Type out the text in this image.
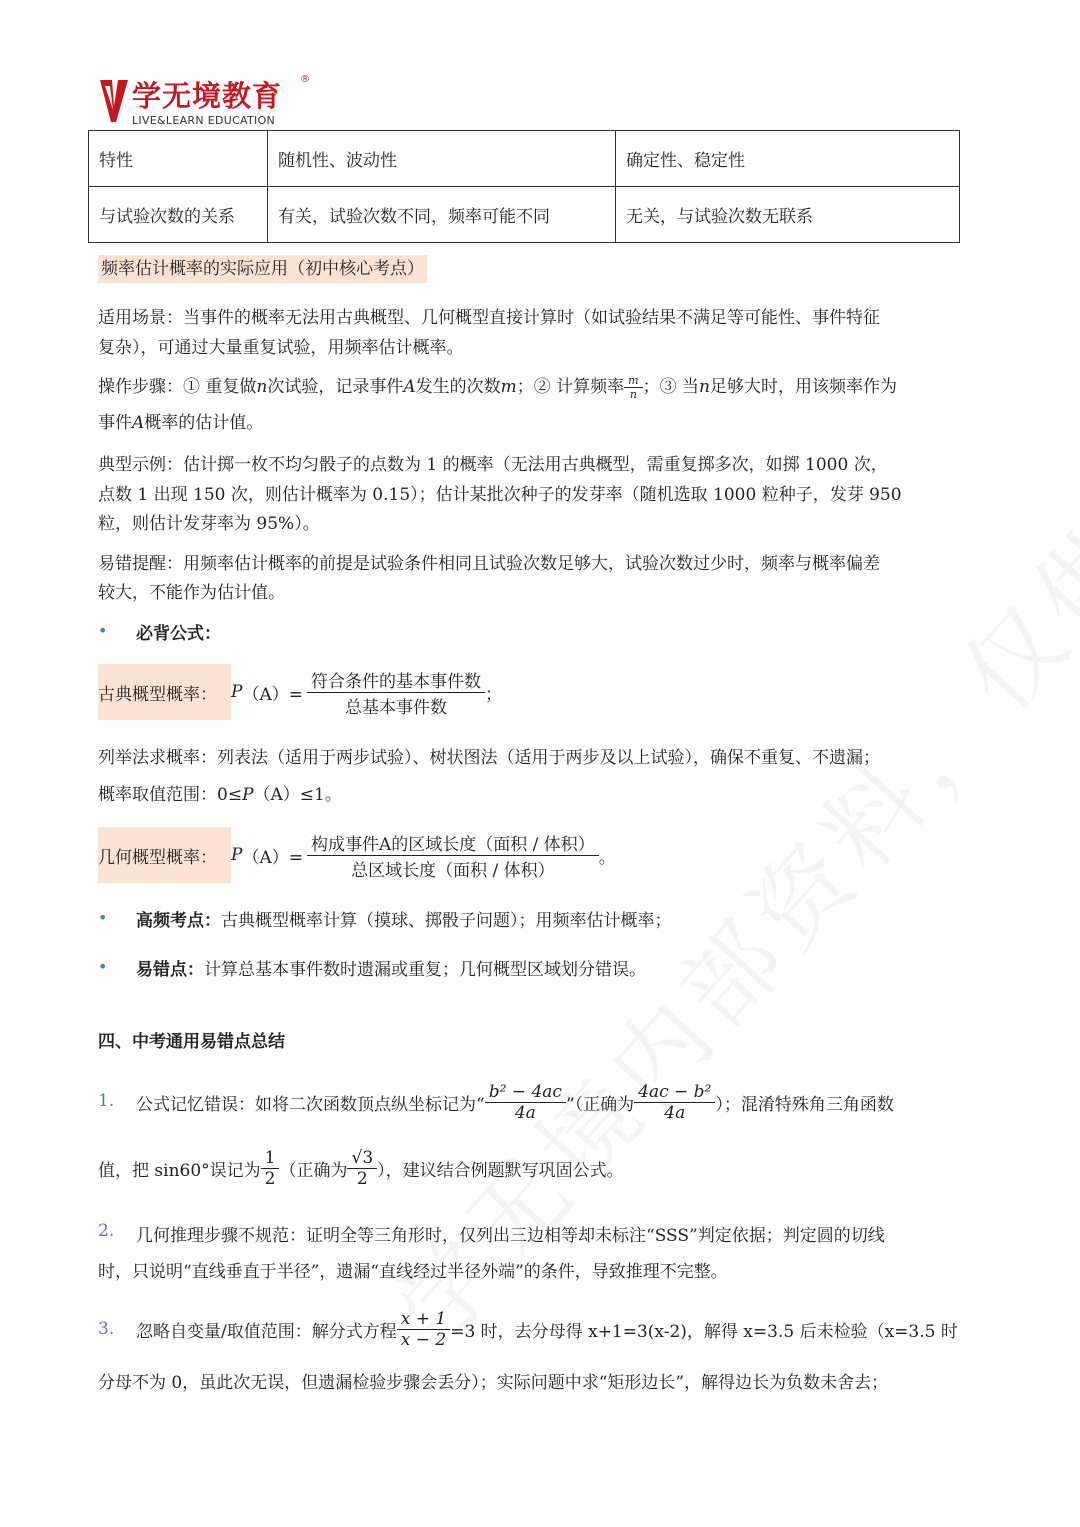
学无境教育 ®
LIVE&LEARN EDUCATION
特性	随机性、波动性	确定性、稳定性
与试验次数的关系	有关，试验次数不同，频率可能不同	无关，与试验次数无联系
频率估计概率的实际应用（初中核心考点）
适用场景：当事件的概率无法用古典概型、几何概型直接计算时（如试验结果不满足等可能性、事件特征
复杂），可通过大量重复试验，用频率估计概率。
操作步骤：① 重复做n次试验，记录事件A发生的次数m；② 计算频率 $\frac{m}{n}$ ；③ 当n足够大时，用该频率作为
事件A概率的估计值。
典型示例：估计掷一枚不均匀骰子的点数为 1 的概率（无法用古典概型，需重复掷多次，如掷 1000 次，
点数 1 出现 150 次，则估计概率为 0.15）；估计某批次种子的发芽率（随机选取 1000 粒种子，发芽 950
粒，则估计发芽率为 95%）。
易错提醒：用频率估计概率的前提是试验条件相同且试验次数足够大，试验次数过少时，频率与概率偏差
较大，不能作为估计值。
• 必背公式：
古典概型概率： P $(A)= \frac{\text{符合条件的基本事件数}}{\text{总基本事件数}}$ ；
列举法求概率：列表法（适用于两步试验）、树状图法（适用于两步及以上试验），确保不重复、不遗漏；
概率取值范围：0≤P（A）≤1。
几何概型概率： P $(A)= \frac{\text{构成事件A的区域长度（面积 / 体积）}}{\text{总区域长度（面积 / 体积）}}$ 。
• 高频考点：古典概型概率计算（摸球、掷骰子问题）；用频率估计概率；
• 易错点：计算总基本事件数时遗漏或重复；几何概型区域划分错误。
四、中考通用易错点总结
1. 公式记忆错误：如将二次函数顶点纵坐标记为“ $\frac{\text{b² − 4ac}}{4a}$ ”（正确为 $\frac{\text{4ac − b²}}{4a}$ ）；混淆特殊角三角函数
值，把 sin60°误记为 $\frac{1}{2}$ （正确为 $\frac{√3}{2}$ ），建议结合例题默写巩固公式。
2. 几何推理步骤不规范：证明全等三角形时，仅列出三边相等却未标注“SSS”判定依据；判定圆的切线
时，只说明“直线垂直于半径”，遗漏“直线经过半径外端”的条件，导致推理不完整。
3. 忽略自变量/取值范围：解分式方程 $\frac{x + 1}{x - 2} =3$ 时，去分母得 x+1=3(x-2)，解得 x=3.5 后未检验（x=3.5 时
分母不为 0，虽此次无误，但遗漏检验步骤会丢分）；实际问题中求“矩形边长”，解得边长为负数未舍去；
